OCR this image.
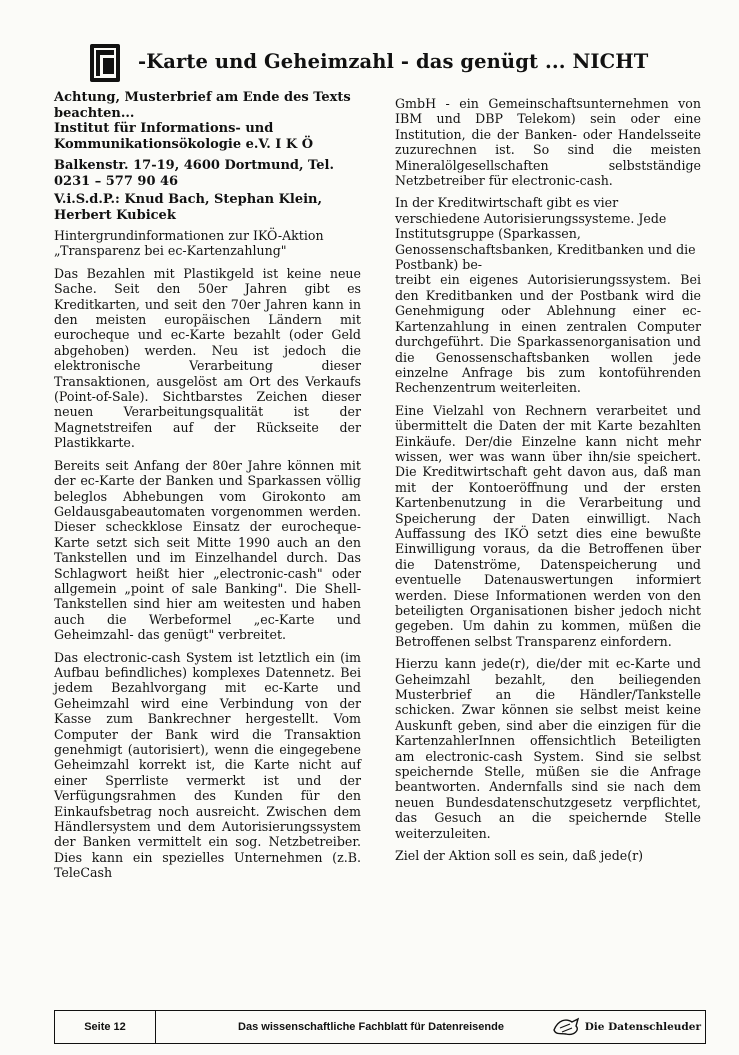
-Karte und Geheimzahl - das genügt ... NICHT

Achtung, Musterbrief am Ende des Texts beachten...

Institut für Informations- und Kommunikationsökologie e.V. I K Ö

Balkenstr. 17-19, 4600 Dortmund, Tel. 0231 – 577 90 46

V.i.S.d.P.: Knud Bach, Stephan Klein, Herbert Kubicek

Hintergrundinformationen zur IKÖ-Aktion „Transparenz bei ec-Kartenzahlung"

Das Bezahlen mit Plastikgeld ist keine neue Sache. Seit den 50er Jahren gibt es Kreditkarten, und seit den 70er Jahren kann in den meisten europäischen Ländern mit eurocheque und ec-Karte bezahlt (oder Geld abgehoben) werden. Neu ist jedoch die elektronische Verarbeitung dieser Transaktionen, ausgelöst am Ort des Verkaufs (Point-of-Sale). Sichtbarstes Zeichen dieser neuen Verarbeitungsqualität ist der Magnetstreifen auf der Rückseite der Plastikkarte.

Bereits seit Anfang der 80er Jahre können mit der ec-Karte der Banken und Sparkassen völlig beleglos Abhebungen vom Girokonto am Geldausgabeautomaten vorgenommen werden. Dieser scheckklose Einsatz der eurocheque-Karte setzt sich seit Mitte 1990 auch an den Tankstellen und im Einzelhandel durch. Das Schlagwort heißt hier „electronic-cash" oder allgemein „point of sale Banking". Die Shell-Tankstellen sind hier am weitesten und haben auch die Werbeformel „ec-Karte und Geheimzahl- das genügt" verbreitet.

Das electronic-cash System ist letztlich ein (im Aufbau befindliches) komplexes Datennetz. Bei jedem Bezahlvorgang mit ec-Karte und Geheimzahl wird eine Verbindung von der Kasse zum Bankrechner hergestellt. Vom Computer der Bank wird die Transaktion genehmigt (autorisiert), wenn die eingegebene Geheimzahl korrekt ist, die Karte nicht auf einer Sperrliste vermerkt ist und der Verfügungsrahmen des Kunden für den Einkaufsbetrag noch ausreicht. Zwischen dem Händlersystem und dem Autorisierungssystem der Banken vermittelt ein sog. Netzbetreiber. Dies kann ein spezielles Unternehmen (z.B. TeleCash

GmbH - ein Gemeinschaftsunternehmen von IBM und DBP Telekom) sein oder eine Institution, die der Banken- oder Handelsseite zuzurechnen ist. So sind die meisten Mineralölgesellschaften selbstständige Netzbetreiber für electronic-cash.

In der Kreditwirtschaft gibt es vier verschiedene Autorisierungssysteme. Jede Institutsgruppe (Sparkassen, Genossenschaftsbanken, Kreditbanken und die Postbank) be-

treibt ein eigenes Autorisierungssystem. Bei den Kreditbanken und der Postbank wird die Genehmigung oder Ablehnung einer ec-Kartenzahlung in einen zentralen Computer durchgeführt. Die Sparkassenorganisation und die Genossenschaftsbanken wollen jede einzelne Anfrage bis zum kontoführenden Rechenzentrum weiterleiten.

Eine Vielzahl von Rechnern verarbeitet und übermittelt die Daten der mit Karte bezahlten Einkäufe. Der/die Einzelne kann nicht mehr wissen, wer was wann über ihn/sie speichert. Die Kreditwirtschaft geht davon aus, daß man mit der Kontoeröffnung und der ersten Kartenbenutzung in die Verarbeitung und Speicherung der Daten einwilligt. Nach Auffassung des IKÖ setzt dies eine bewußte Einwilligung voraus, da die Betroffenen über die Datenströme, Datenspeicherung und eventuelle Datenauswertungen informiert werden. Diese Informationen werden von den beteiligten Organisationen bisher jedoch nicht gegeben. Um dahin zu kommen, müßen die Betroffenen selbst Transparenz einfordern.

Hierzu kann jede(r), die/der mit ec-Karte und Geheimzahl bezahlt, den beiliegenden Musterbrief an die Händler/Tankstelle schicken. Zwar können sie selbst meist keine Auskunft geben, sind aber die einzigen für die KartenzahlerInnen offensichtlich Beteiligten am electronic-cash System. Sind sie selbst speichernde Stelle, müßen sie die Anfrage beantworten. Andernfalls sind sie nach dem neuen Bundesdatenschutzgesetz verpflichtet, das Gesuch an die speichernde Stelle weiterzuleiten.

Ziel der Aktion soll es sein, daß jede(r)

Seite 12	Das wissenschaftliche Fachblatt für Datenreisende	Die Datenschleuder
